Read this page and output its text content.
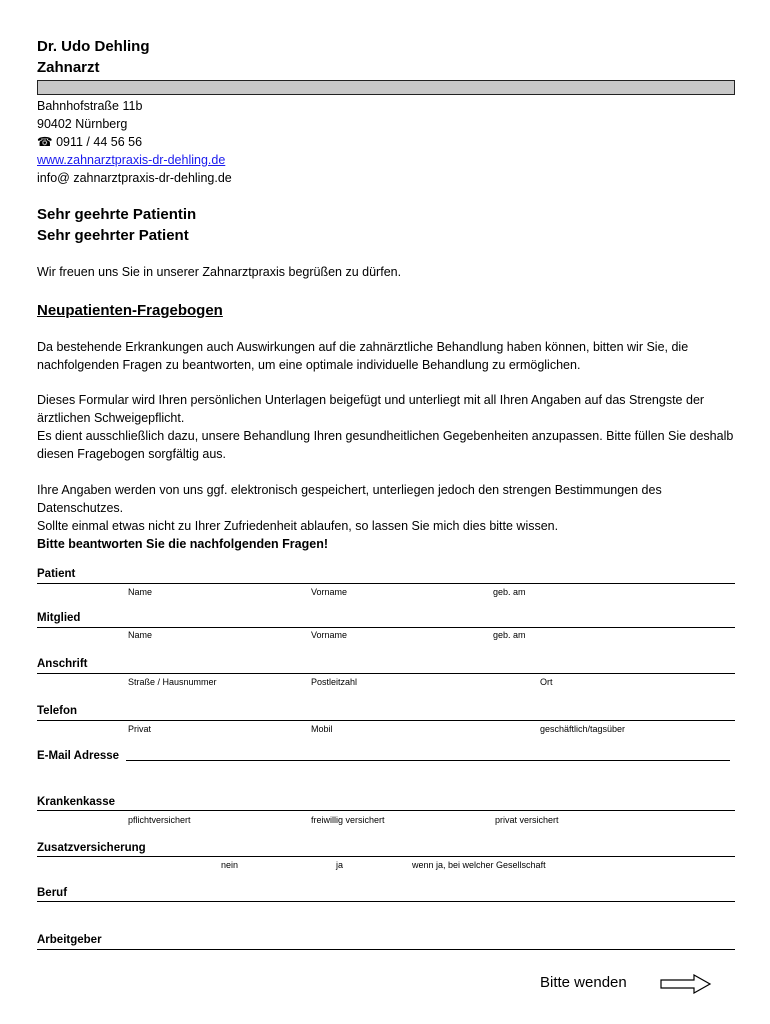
Dr. Udo Dehling
Zahnarzt
Bahnhofstraße 11b
90402 Nürnberg
☎ 0911 / 44 56 56
www.zahnarztpraxis-dr-dehling.de
info@ zahnarztpraxis-dr-dehling.de
Sehr geehrte Patientin
Sehr geehrter Patient
Wir freuen uns Sie in unserer Zahnarztpraxis begrüßen zu dürfen.
Neupatienten-Fragebogen
Da bestehende Erkrankungen auch Auswirkungen auf die zahnärztliche Behandlung haben können, bitten wir Sie, die nachfolgenden Fragen zu beantworten, um eine optimale individuelle Behandlung zu ermöglichen.
Dieses Formular wird Ihren persönlichen Unterlagen beigefügt und unterliegt mit all Ihren Angaben auf das Strengste der ärztlichen Schweigepflicht.
Es dient ausschließlich dazu, unsere Behandlung Ihren gesundheitlichen Gegebenheiten anzupassen. Bitte füllen Sie deshalb diesen Fragebogen sorgfältig aus.
Ihre Angaben werden von uns ggf. elektronisch gespeichert, unterliegen jedoch den strengen Bestimmungen des Datenschutzes.
Sollte einmal etwas nicht zu Ihrer Zufriedenheit ablaufen, so lassen Sie mich dies bitte wissen.
Bitte beantworten Sie die nachfolgenden Fragen!
Patient
Name	Vorname	geb. am
Mitglied
Name	Vorname	geb. am
Anschrift
Straße / Hausnummer	Postleitzahl	Ort
Telefon
Privat	Mobil	geschäftlich/tagsüber
E-Mail Adresse
Krankenkasse
pflichtversichert	freiwillig versichert	privat versichert
Zusatzversicherung
nein	ja	wenn ja, bei welcher Gesellschaft
Beruf
Arbeitgeber
Bitte wenden
